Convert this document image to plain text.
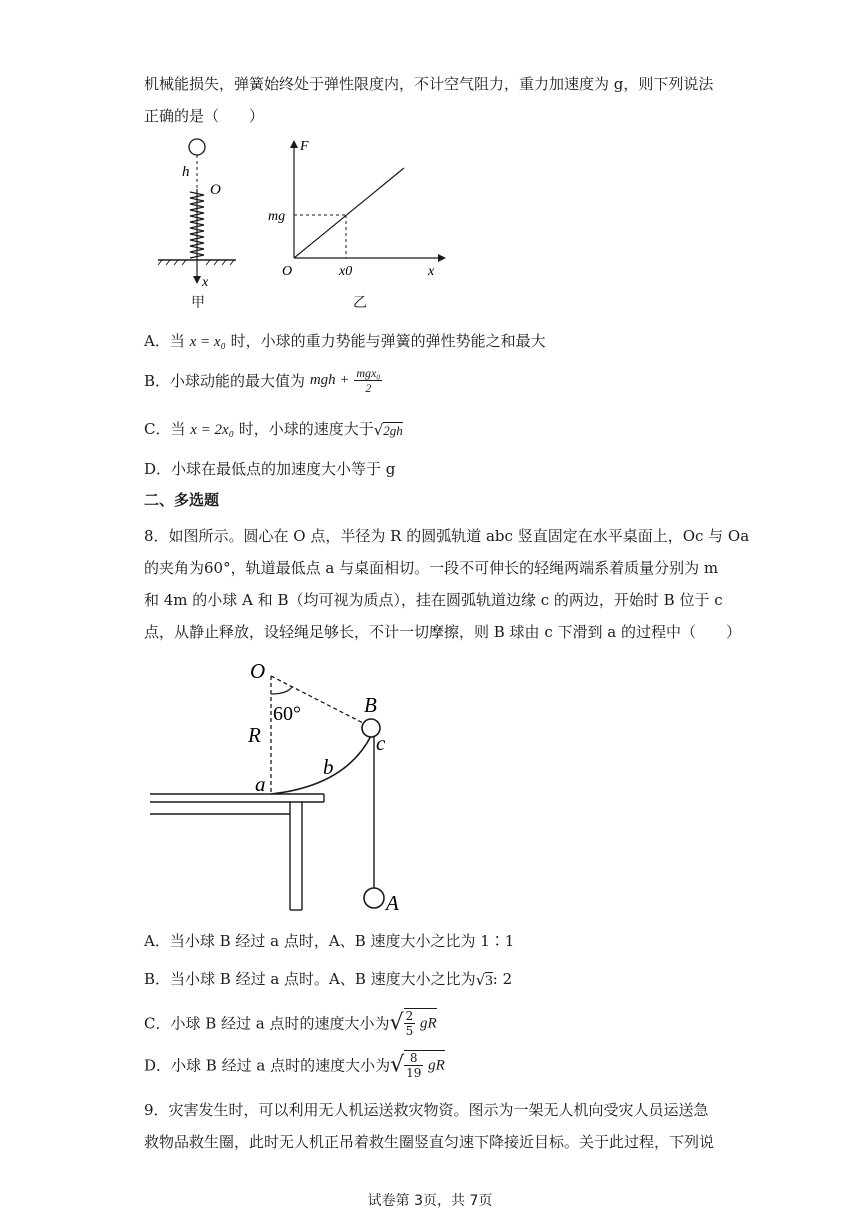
机械能损失，弹簧始终处于弹性限度内，不计空气阻力，重力加速度为 g，则下列说法
正确的是（　　）
h
O
x
甲
F
mg
O	x0	x
乙
A．当 x = x₀ 时，小球的重力势能与弹簧的弹性势能之和最大
B．小球动能的最大值为 mgh + $\frac{\text{mgx₀}}{2}$
C．当 x = 2x₀ 时，小球的速度大于√2gh
D．小球在最低点的加速度大小等于 g
二、多选题
8．如图所示。圆心在 O 点，半径为 R 的圆弧轨道 abc 竖直固定在水平桌面上，Oc 与 Oa
的夹角为60°，轨道最低点 a 与桌面相切。一段不可伸长的轻绳两端系着质量分别为 m
和 4m 的小球 A 和 B（均可视为质点），挂在圆弧轨道边缘 c 的两边，开始时 B 位于 c
点，从静止释放，设轻绳足够长，不计一切摩擦，则 B 球由 c 下滑到 a 的过程中（　　）
O
60°	B
c
R
b
a
A
A．当小球 B 经过 a 点时，A、B 速度大小之比为 1∶1
B．当小球 B 经过 a 点时。A、B 速度大小之比为√3: 2
C．小球 B 经过 a 点时的速度大小为√ $\frac{2}{5}$ gR
D．小球 B 经过 a 点时的速度大小为√ $\frac{8}{19}$ gR
9．灾害发生时，可以利用无人机运送救灾物资。图示为一架无人机向受灾人员运送急
救物品救生圈，此时无人机正吊着救生圈竖直匀速下降接近目标。关于此过程，下列说
试卷第 3页，共 7页
